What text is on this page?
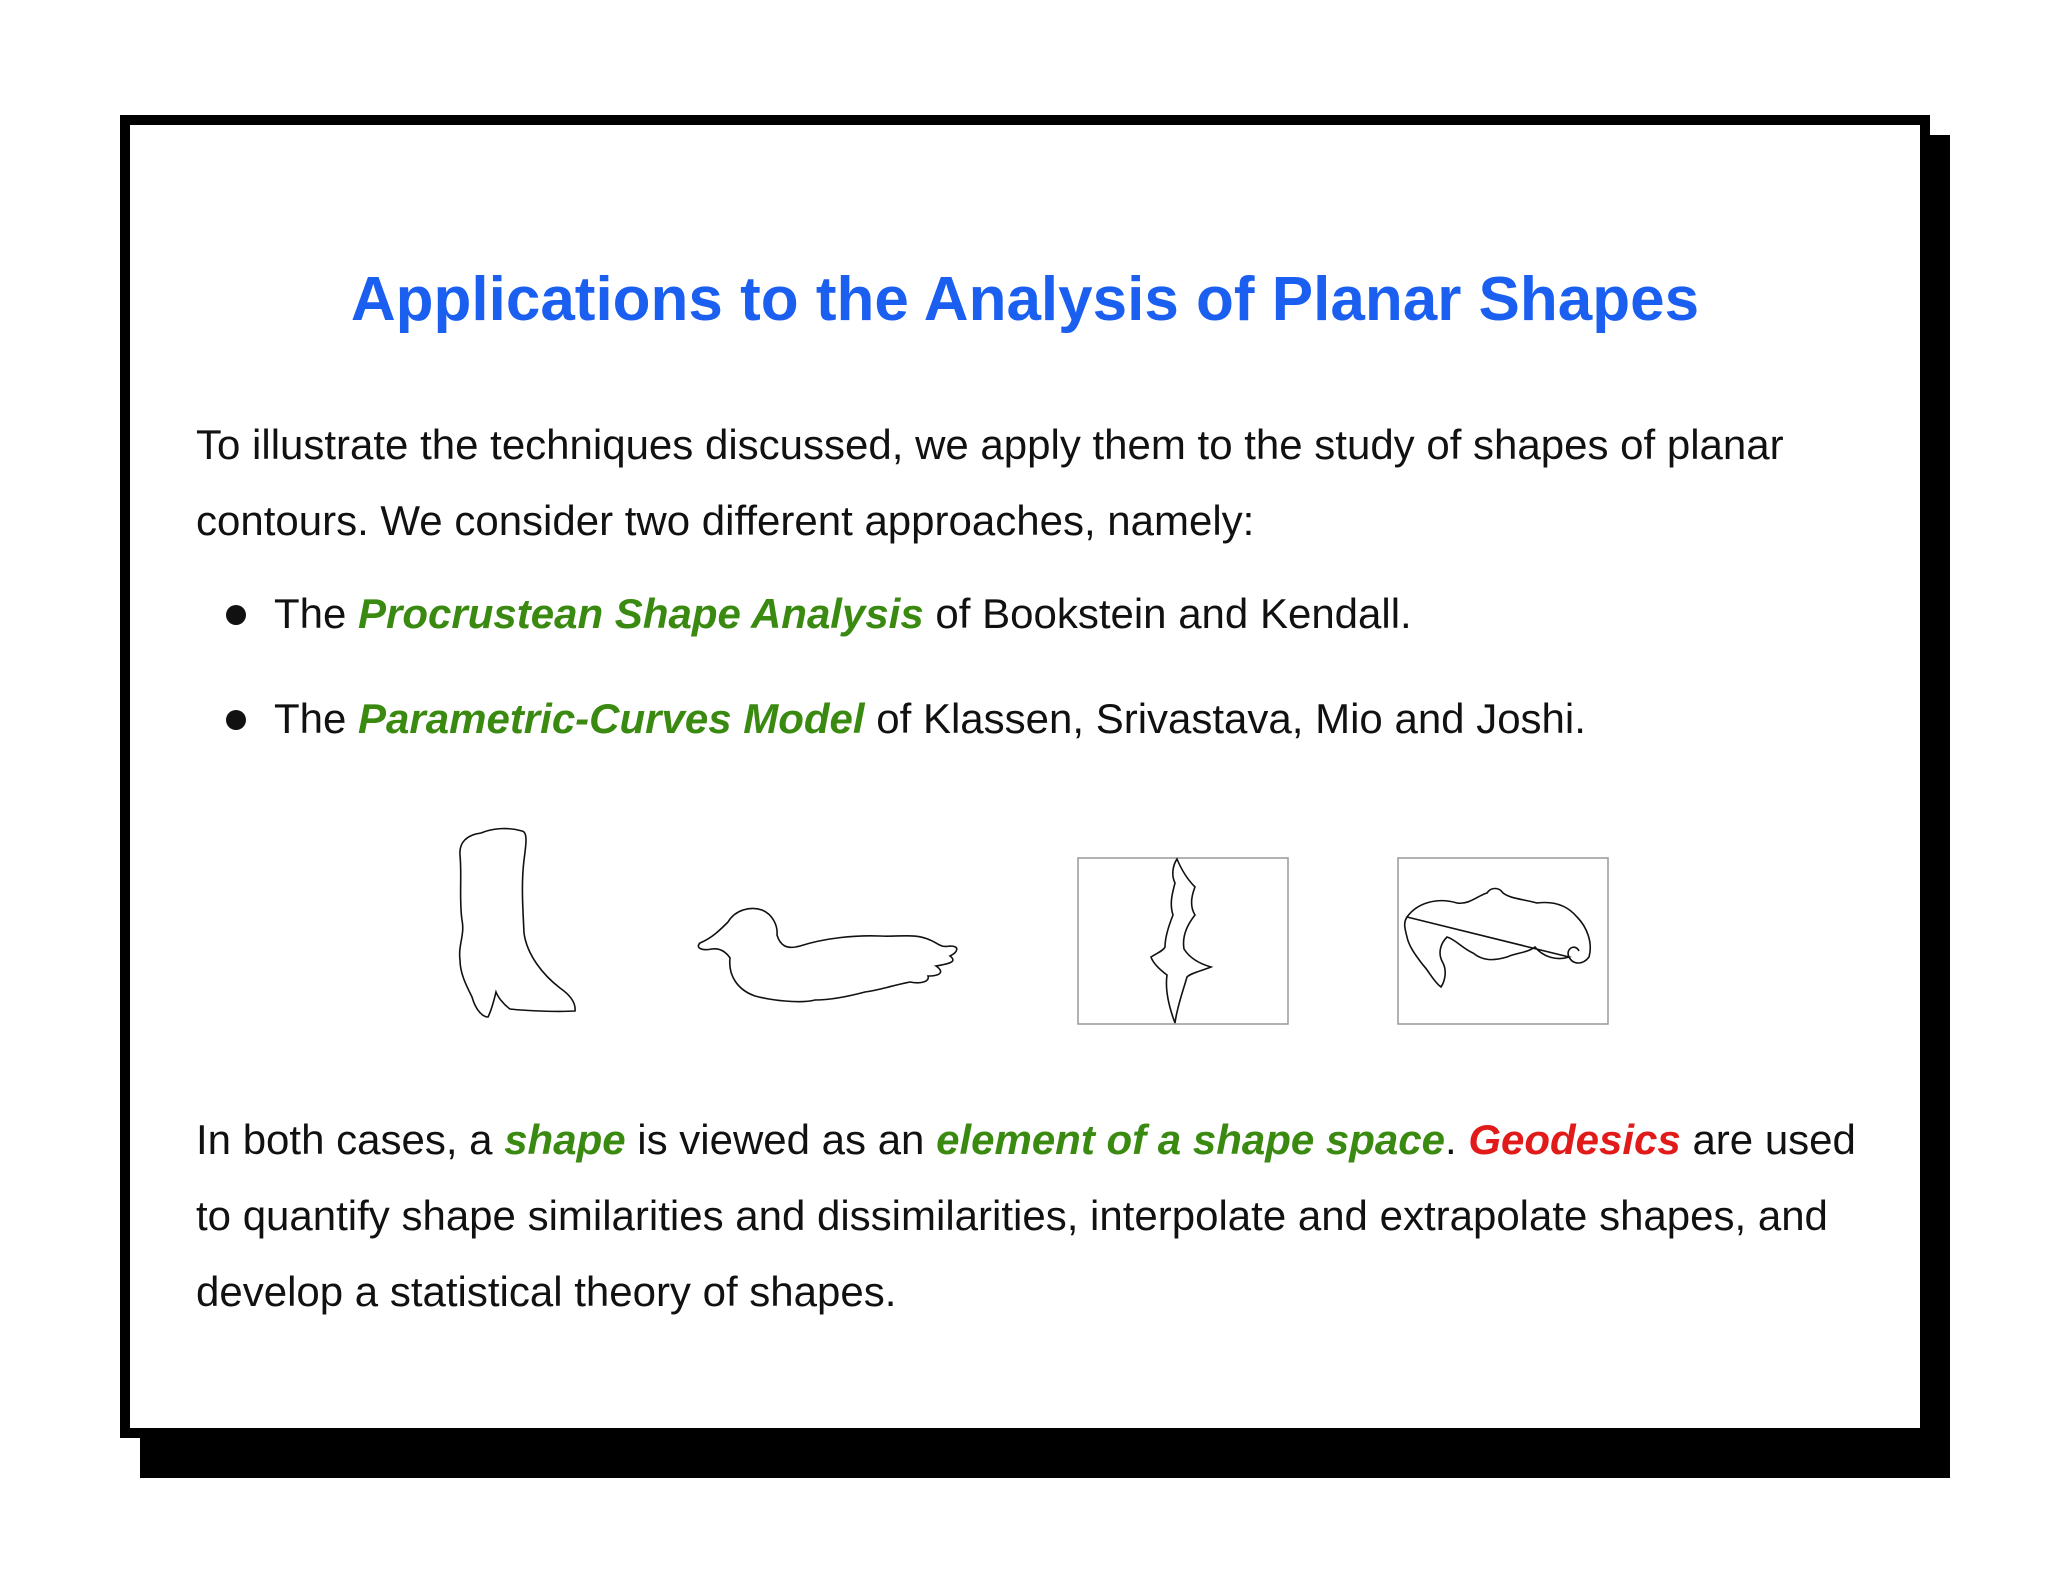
Applications to the Analysis of Planar Shapes

To illustrate the techniques discussed, we apply them to the study of shapes of planar contours. We consider two different approaches, namely:

The Procrustean Shape Analysis of Bookstein and Kendall.
The Parametric-Curves Model of Klassen, Srivastava, Mio and Joshi.

In both cases, a shape is viewed as an element of a shape space. Geodesics are used to quantify shape similarities and dissimilarities, interpolate and extrapolate shapes, and develop a statistical theory of shapes.
